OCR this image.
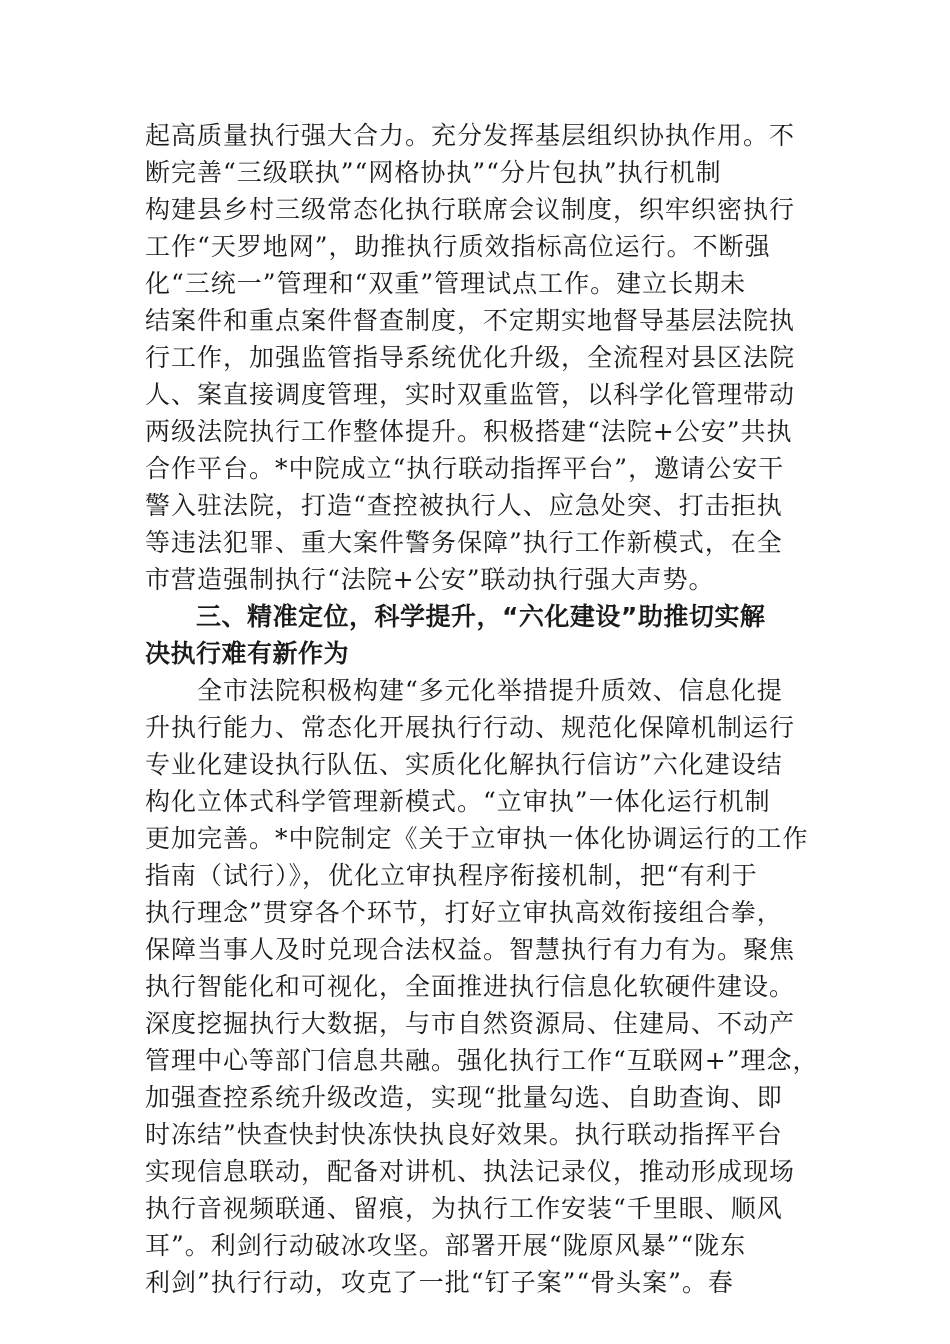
起高质量执行强大合力。充分发挥基层组织协执作用。不
断完善“三级联执”“网格协执”“分片包执”执行机制
构建县乡村三级常态化执行联席会议制度，织牢织密执行
工作“天罗地网”，助推执行质效指标高位运行。不断强
化“三统一”管理和“双重”管理试点工作。建立长期未
结案件和重点案件督查制度，不定期实地督导基层法院执
行工作，加强监管指导系统优化升级，全流程对县区法院
人、案直接调度管理，实时双重监管，以科学化管理带动
两级法院执行工作整体提升。积极搭建“法院+公安”共执
合作平台。*中院成立“执行联动指挥平台”，邀请公安干
警入驻法院，打造“查控被执行人、应急处突、打击拒执
等违法犯罪、重大案件警务保障”执行工作新模式，在全
市营造强制执行“法院+公安”联动执行强大声势。
　　三、精准定位，科学提升，“六化建设”助推切实解
决执行难有新作为
　　全市法院积极构建“多元化举措提升质效、信息化提
升执行能力、常态化开展执行行动、规范化保障机制运行
专业化建设执行队伍、实质化化解执行信访”六化建设结
构化立体式科学管理新模式。“立审执”一体化运行机制
更加完善。*中院制定《关于立审执一体化协调运行的工作
指南（试行）》，优化立审执程序衔接机制，把“有利于
执行理念”贯穿各个环节，打好立审执高效衔接组合拳，
保障当事人及时兑现合法权益。智慧执行有力有为。聚焦
执行智能化和可视化，全面推进执行信息化软硬件建设。
深度挖掘执行大数据，与市自然资源局、住建局、不动产
管理中心等部门信息共融。强化执行工作“互联网+”理念，
加强查控系统升级改造，实现“批量勾选、自助查询、即
时冻结”快查快封快冻快执良好效果。执行联动指挥平台
实现信息联动，配备对讲机、执法记录仪，推动形成现场
执行音视频联通、留痕，为执行工作安装“千里眼、顺风
耳”。利剑行动破冰攻坚。部署开展“陇原风暴”“陇东
利剑”执行行动，攻克了一批“钉子案”“骨头案”。春
